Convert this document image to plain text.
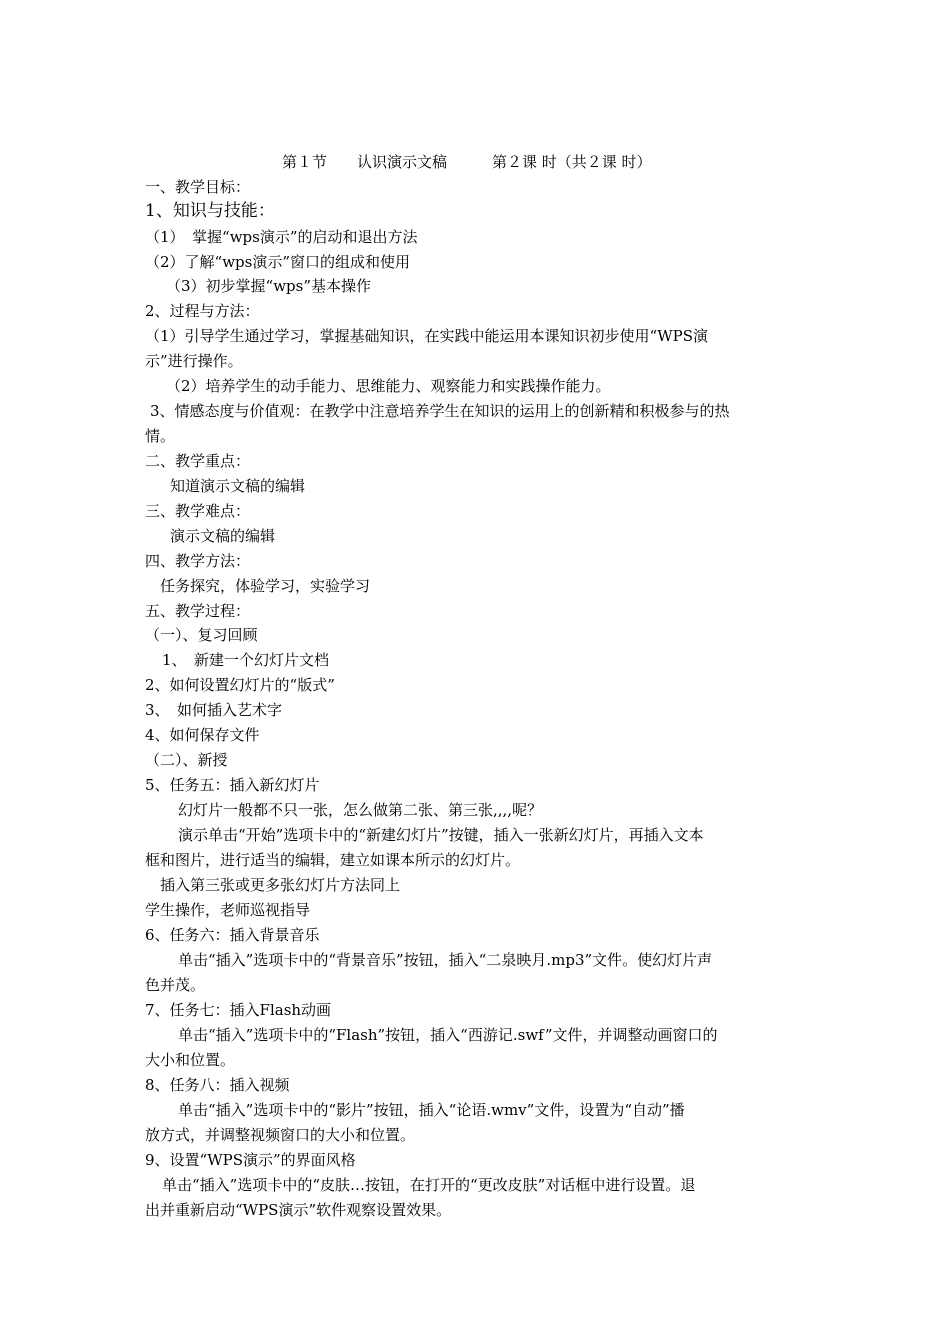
第１节　　认识演示文稿　　　第２课 时（共２课 时）

一、教学目标：

1、知识与技能：

（1）　掌握“wps演示”的启动和退出方法

（2）了解“wps演示”窗口的组成和使用

（3）初步掌握“wps”基本操作

2、过程与方法：

（1）引导学生通过学习，掌握基础知识，在实践中能运用本课知识初步使用“WPS演

示”进行操作。

（2）培养学生的动手能力、思维能力、观察能力和实践操作能力。

3、情感态度与价值观：在教学中注意培养学生在知识的运用上的创新精和积极参与的热

情。

二、教学重点：

知道演示文稿的编辑

三、教学难点：

演示文稿的编辑

四、教学方法：

任务探究，体验学习，实验学习

五、教学过程：

（一）、复习回顾

1、　新建一个幻灯片文档

2、如何设置幻灯片的“版式”

3、　如何插入艺术字

4、如何保存文件

（二）、新授

5、任务五：插入新幻灯片

幻灯片一般都不只一张，怎么做第二张、第三张,,,,呢？

演示单击“开始”选项卡中的“新建幻灯片”按键，插入一张新幻灯片，再插入文本

框和图片，进行适当的编辑，建立如课本所示的幻灯片。

插入第三张或更多张幻灯片方法同上

学生操作，老师巡视指导

6、任务六：插入背景音乐

单击“插入”选项卡中的“背景音乐”按钮，插入“二泉映月.mp3”文件。使幻灯片声

色并茂。

7、任务七：插入Flash动画

单击“插入”选项卡中的“Flash”按钮，插入“西游记.swf”文件，并调整动画窗口的

大小和位置。

8、任务八：插入视频

单击“插入”选项卡中的“影片”按钮，插入“论语.wmv”文件，设置为“自动”播

放方式，并调整视频窗口的大小和位置。

9、设置“WPS演示”的界面风格

单击“插入”选项卡中的“皮肤…按钮，在打开的“更改皮肤”对话框中进行设置。退

出并重新启动“WPS演示”软件观察设置效果。
